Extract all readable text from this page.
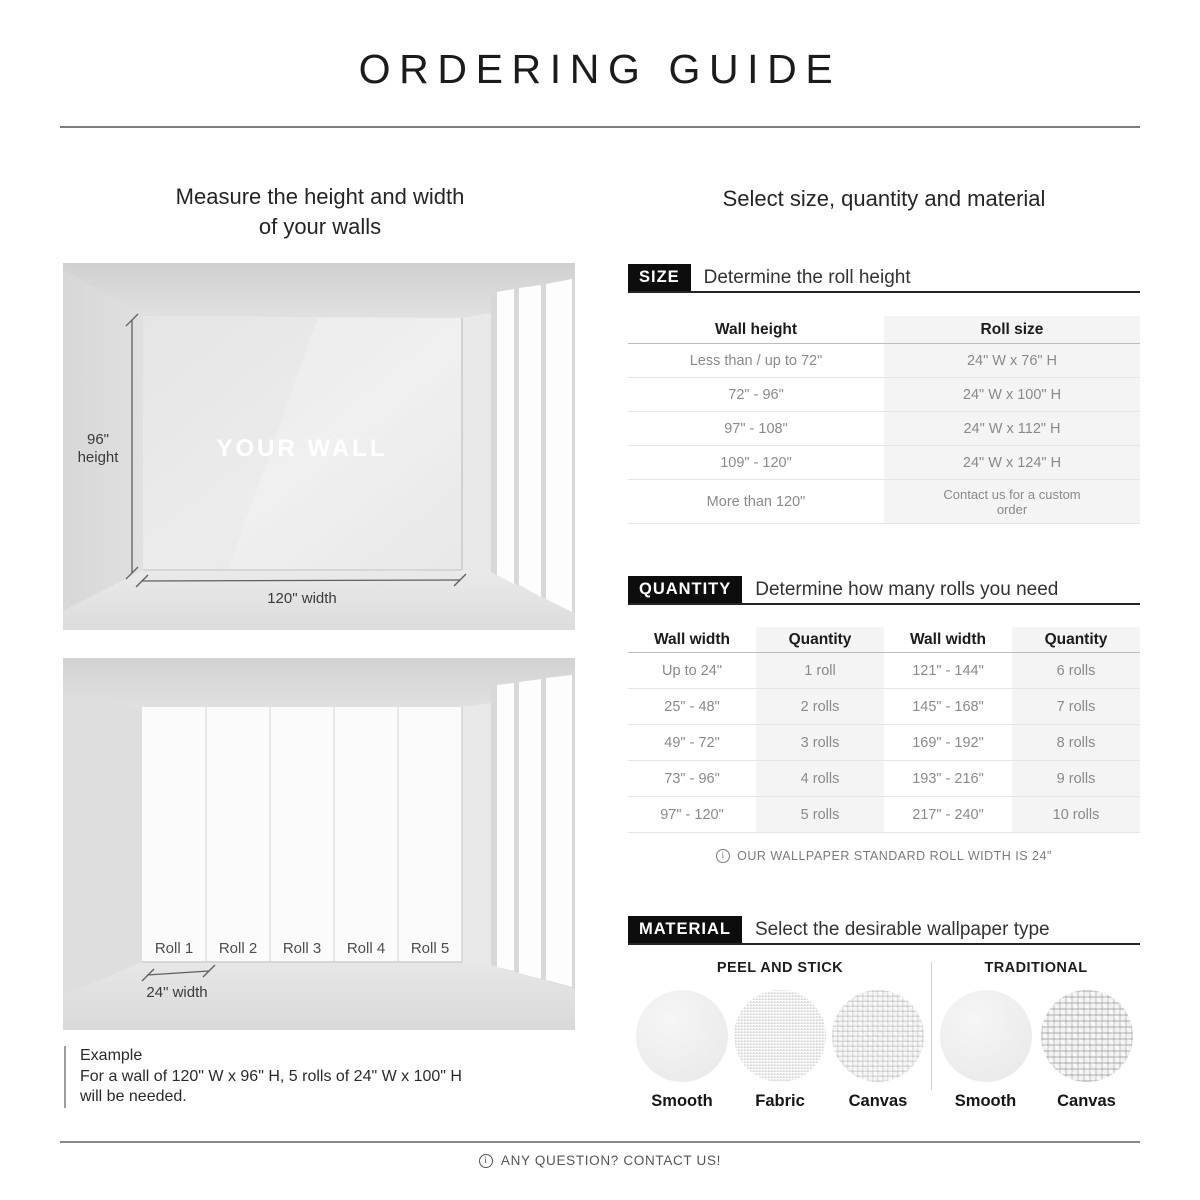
ORDERING GUIDE
Measure the height and width
of your walls
Select size, quantity and material
96"
height	YOUR WALL
120" width
Roll 1	Roll 2	Roll 3	Roll 4	Roll 5
24" width
Example
For a wall of 120" W x 96" H, 5 rolls of 24" W x 100" H
will be needed.
SIZE	Determine the roll height
Wall height	Roll size
Less than / up to 72"	24" W x 76" H
72" - 96"	24" W x 100" H
97" - 108"	24" W x 112" H
109" - 120"	24" W x 124" H
More than 120"	Contact us for a custom order
QUANTITY	Determine how many rolls you need
Wall width	Quantity	Wall width	Quantity
Up to 24"	1 roll	121" - 144"	6 rolls
25" - 48"	2 rolls	145" - 168"	7 rolls
49" - 72"	3 rolls	169" - 192"	8 rolls
73" - 96"	4 rolls	193" - 216"	9 rolls
97" - 120"	5 rolls	217" - 240"	10 rolls
i OUR WALLPAPER STANDARD ROLL WIDTH IS 24"
MATERIAL	Select the desirable wallpaper type
PEEL AND STICK
Smooth	Fabric	Canvas
TRADITIONAL
Smooth Canvas
i ANY QUESTION? CONTACT US!
